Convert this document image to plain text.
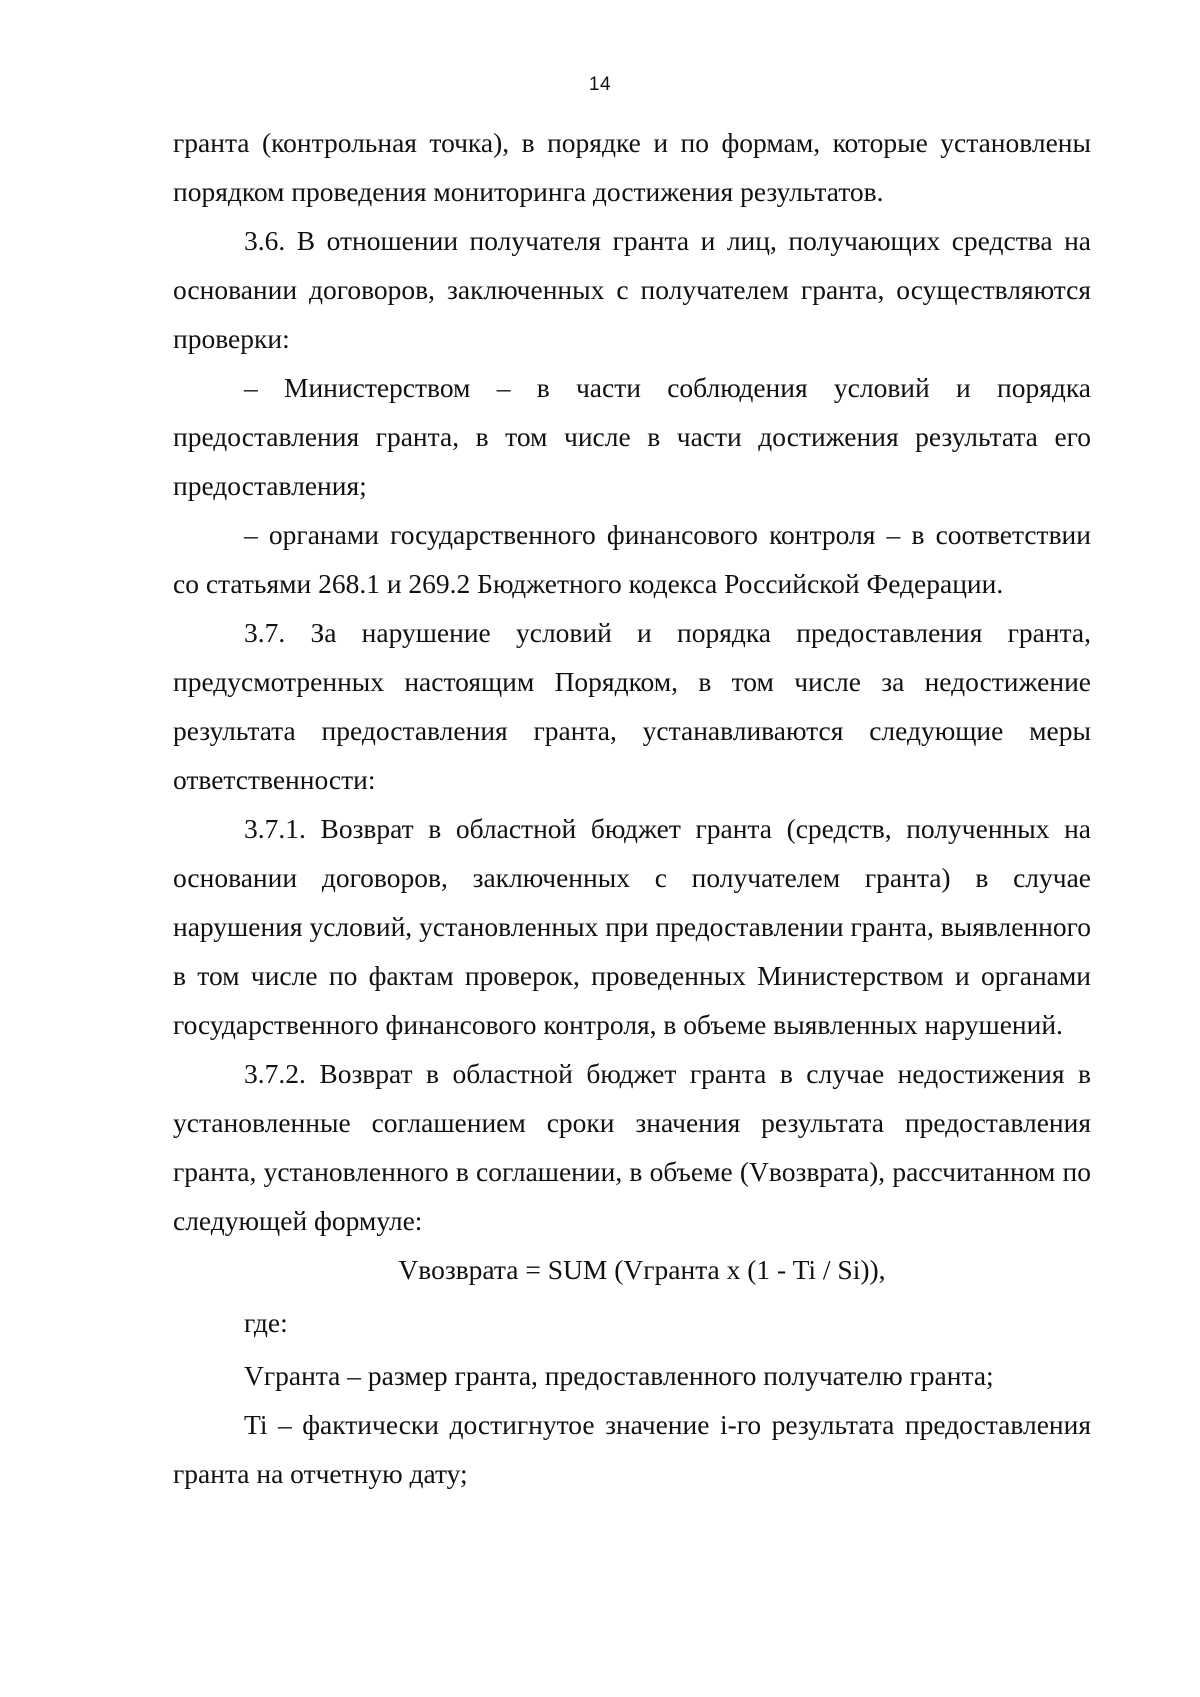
14

гранта (контрольная точка), в порядке и по формам, которые установлены порядком проведения мониторинга достижения результатов.

3.6. В отношении получателя гранта и лиц, получающих средства на основании договоров, заключенных с получателем гранта, осуществляются проверки:

– Министерством – в части соблюдения условий и порядка предоставления гранта, в том числе в части достижения результата его предоставления;

– органами государственного финансового контроля – в соответствии со статьями 268.1 и 269.2 Бюджетного кодекса Российской Федерации.

3.7. За нарушение условий и порядка предоставления гранта, предусмотренных настоящим Порядком, в том числе за недостижение результата предоставления гранта, устанавливаются следующие меры ответственности:

3.7.1. Возврат в областной бюджет гранта (средств, полученных на основании договоров, заключенных с получателем гранта) в случае нарушения условий, установленных при предоставлении гранта, выявленного в том числе по фактам проверок, проведенных Министерством и органами государственного финансового контроля, в объеме выявленных нарушений.

3.7.2. Возврат в областной бюджет гранта в случае недостижения в установленные соглашением сроки значения результата предоставления гранта, установленного в соглашении, в объеме (Vвозврата), рассчитанном по следующей формуле:

Vвозврата = SUM (Vгранта x (1 - Ti / Si)),

где:

Vгранта – размер гранта, предоставленного получателю гранта;

Ti – фактически достигнутое значение i-го результата предоставления гранта на отчетную дату;
